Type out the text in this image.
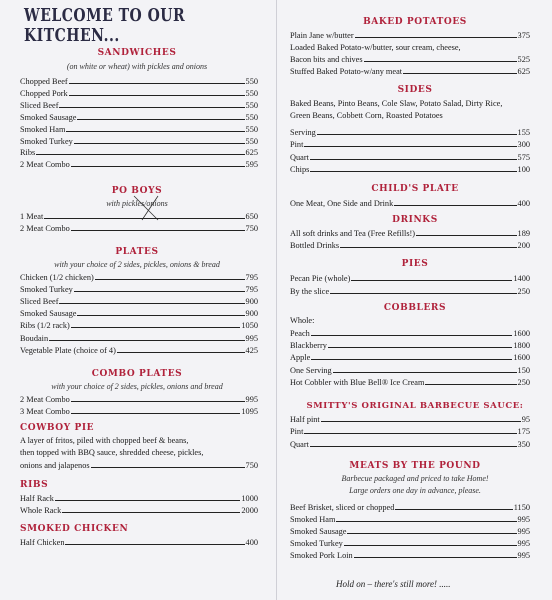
WELCOME TO OUR KITCHEN...
SANDWICHES
(on white or wheat) with pickles and onions
PO BOYS
with pickles/onions
PLATES
with your choice of 2 sides, pickles, onions & bread
COMBO PLATES
with your choice of 2 sides, pickles, onions and bread
COWBOY PIE
A layer of fritos, piled with chopped beef & beans,
then topped with BBQ sauce, shredded cheese, pickles,
onions and jalapenos	750
RIBS
SMOKED CHICKEN
Chopped Beef	550
Chopped Pork	550
Sliced Beef	550
Smoked Sausage	550
Smoked Ham	550
Smoked Turkey	550
Ribs	625
2 Meat Combo	595
1 Meat	650
2 Meat Combo	750
Chicken (1/2 chicken)	795
Smoked Turkey	795
Sliced Beef	900
Smoked Sausage	900
Ribs (1/2 rack)	1050
Boudain	995
Vegetable Plate (choice of 4)	425
2 Meat Combo	995
3 Meat Combo	1095
Half Rack	1000
Whole Rack	2000
Half Chicken	400
BAKED POTATOES
Loaded Baked Potato-w/butter, sour cream, cheese,
Bacon bits and chives	525
Stuffed Baked Potato-w/any meat	625
SIDES
Baked Beans, Pinto Beans, Cole Slaw, Potato Salad, Dirty Rice,
Green Beans, Cobbett Corn, Roasted Potatoes
CHILD'S PLATE
DRINKS
PIES
COBBLERS
Whole:
SMITTY'S ORIGINAL BARBECUE SAUCE:
MEATS BY THE POUND
Barbecue packaged and priced to take Home!
Large orders one day in advance, please.
Plain Jane w/butter	375
Serving	155
Pint	300
Quart	575
Chips	100
One Meat, One Side and Drink	400
All soft drinks and Tea (Free Refills!)	189
Bottled Drinks	200
Pecan Pie (whole)	1400
By the slice	250
Peach	1600
Blackberry	1800
Apple	1600
One Serving	150
Hot Cobbler with Blue Bell® Ice Cream	250
Half pint	95
Pint	175
Quart	350
Beef Brisket, sliced or chopped	1150
Smoked Ham	995
Smoked Sausage	995
Smoked Turkey	995
Smoked Pork Loin	995
Hold on – there's still more! .....
